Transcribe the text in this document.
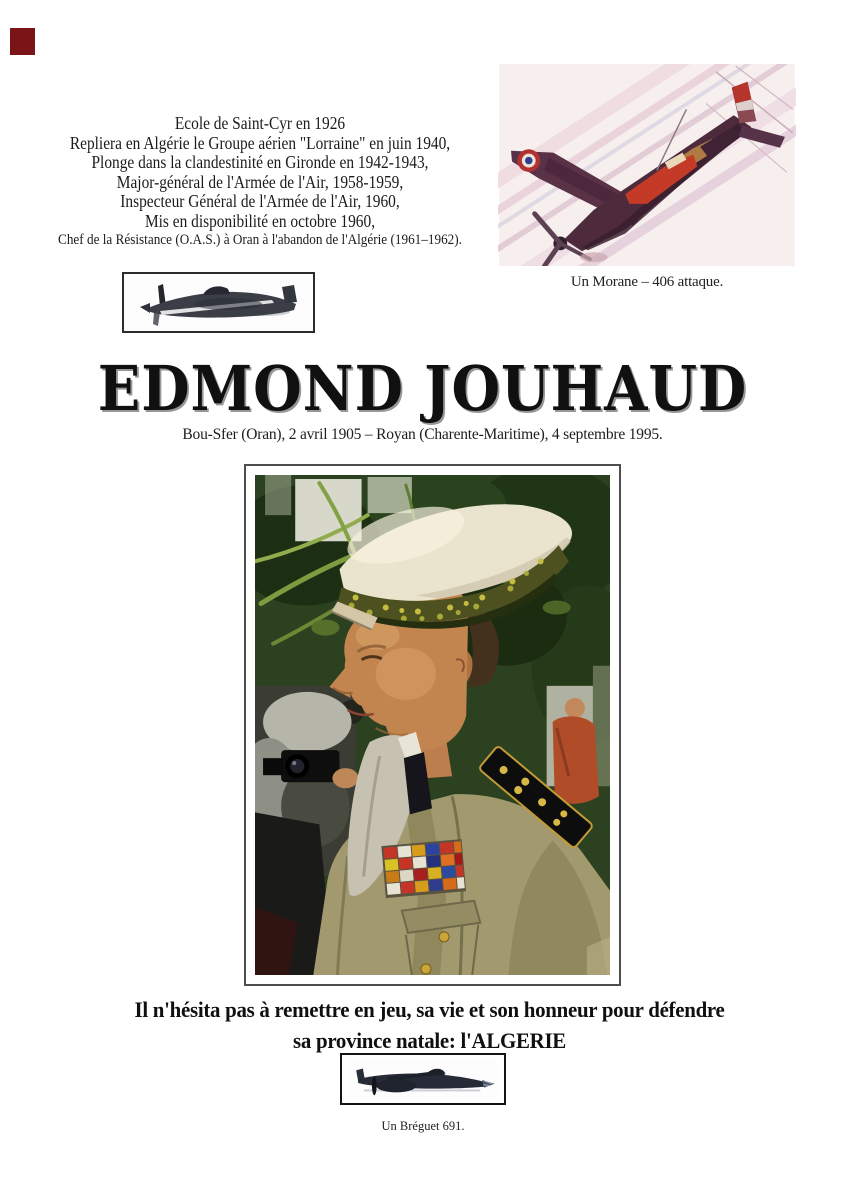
Ecole de Saint-Cyr en 1926
Repliera en Algérie le Groupe aérien "Lorraine" en juin 1940,
Plonge dans la clandestinité en Gironde en 1942-1943,
Major-général de l'Armée de l'Air, 1958-1959,
Inspecteur Général de l'Armée de l'Air, 1960,
Mis en disponibilité en octobre 1960,
Chef de la Résistance (O.A.S.) à Oran à l'abandon de l'Algérie (1961–1962).
Un Morane – 406 attaque.
EDMOND JOUHAUD
Bou-Sfer (Oran), 2 avril 1905 – Royan (Charente-Maritime), 4 septembre 1995.
Il n'hésita pas à remettre en jeu, sa vie et son honneur pour défendre
sa province natale: l'ALGERIE
Un Bréguet 691.
